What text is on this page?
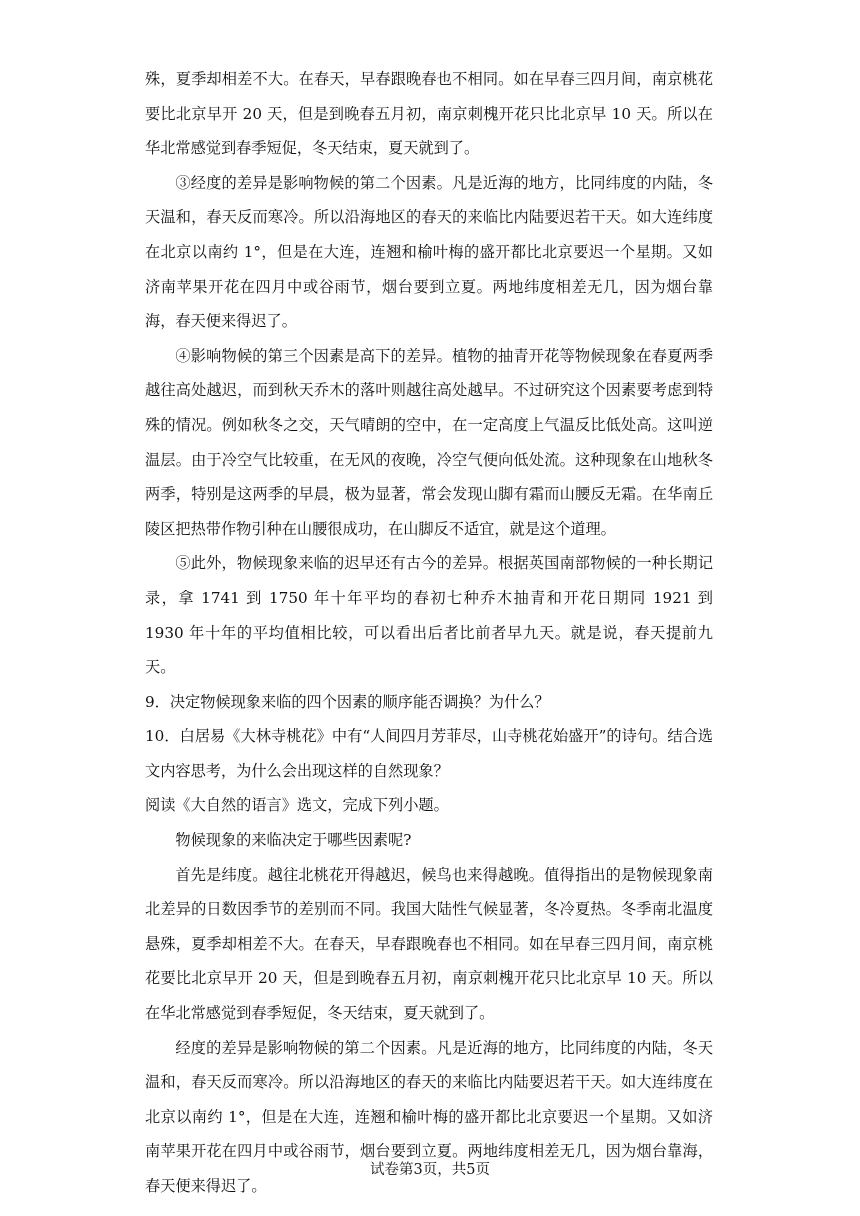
殊，夏季却相差不大。在春天，早春跟晚春也不相同。如在早春三四月间，南京桃花要比北京早开 20 天，但是到晚春五月初，南京刺槐开花只比北京早 10 天。所以在华北常感觉到春季短促，冬天结束，夏天就到了。

③经度的差异是影响物候的第二个因素。凡是近海的地方，比同纬度的内陆，冬天温和，春天反而寒冷。所以沿海地区的春天的来临比内陆要迟若干天。如大连纬度在北京以南约 1°，但是在大连，连翘和榆叶梅的盛开都比北京要迟一个星期。又如济南苹果开花在四月中或谷雨节，烟台要到立夏。两地纬度相差无几，因为烟台靠海，春天便来得迟了。

④影响物候的第三个因素是高下的差异。植物的抽青开花等物候现象在春夏两季越往高处越迟，而到秋天乔木的落叶则越往高处越早。不过研究这个因素要考虑到特殊的情况。例如秋冬之交，天气晴朗的空中，在一定高度上气温反比低处高。这叫逆温层。由于冷空气比较重，在无风的夜晚，冷空气便向低处流。这种现象在山地秋冬两季，特别是这两季的早晨，极为显著，常会发现山脚有霜而山腰反无霜。在华南丘陵区把热带作物引种在山腰很成功，在山脚反不适宜，就是这个道理。

⑤此外，物候现象来临的迟早还有古今的差异。根据英国南部物候的一种长期记录，拿 1741 到 1750 年十年平均的春初七种乔木抽青和开花日期同 1921 到 1930 年十年的平均值相比较，可以看出后者比前者早九天。就是说，春天提前九天。

9．决定物候现象来临的四个因素的顺序能否调换？为什么？

10．白居易《大林寺桃花》中有“人间四月芳菲尽，山寺桃花始盛开”的诗句。结合选文内容思考，为什么会出现这样的自然现象？

阅读《大自然的语言》选文，完成下列小题。

物候现象的来临决定于哪些因素呢?

首先是纬度。越往北桃花开得越迟，候鸟也来得越晚。值得指出的是物候现象南北差异的日数因季节的差别而不同。我国大陆性气候显著，冬冷夏热。冬季南北温度悬殊，夏季却相差不大。在春天，早春跟晚春也不相同。如在早春三四月间，南京桃花要比北京早开 20 天，但是到晚春五月初，南京刺槐开花只比北京早 10 天。所以在华北常感觉到春季短促，冬天结束，夏天就到了。

经度的差异是影响物候的第二个因素。凡是近海的地方，比同纬度的内陆，冬天温和，春天反而寒冷。所以沿海地区的春天的来临比内陆要迟若干天。如大连纬度在北京以南约 1°，但是在大连，连翘和榆叶梅的盛开都比北京要迟一个星期。又如济南苹果开花在四月中或谷雨节，烟台要到立夏。两地纬度相差无几，因为烟台靠海，春天便来得迟了。

试卷第3页，共5页
